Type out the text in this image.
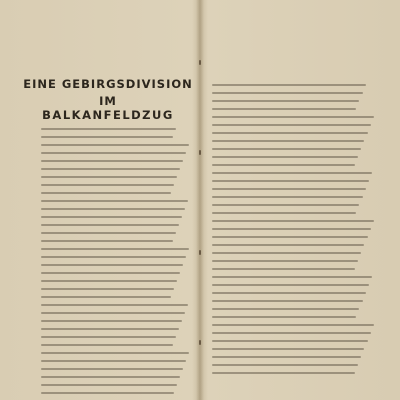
EINE GEBIRGSDIVISION
IM
BALKANFELDZUG
